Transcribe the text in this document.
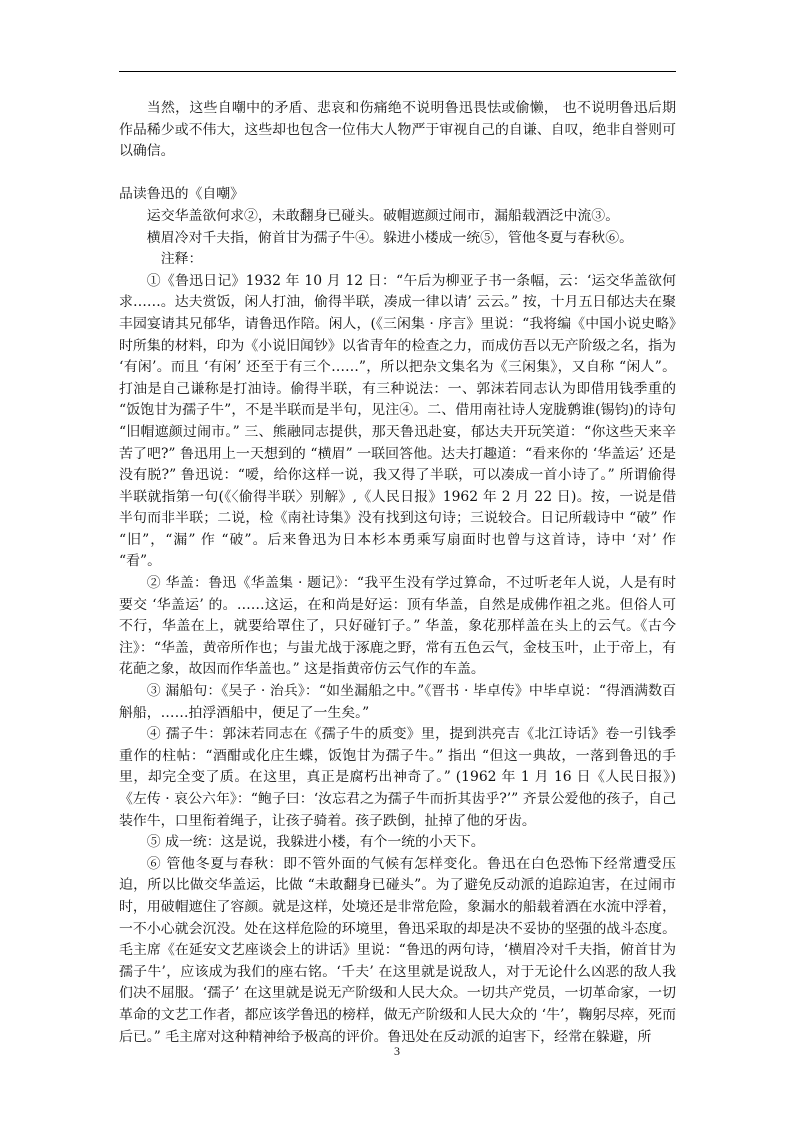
当然，这些自嘲中的矛盾、悲哀和伤痛绝不说明鲁迅畏怯或偷懒， 也不说明鲁迅后期作品稀少或不伟大，这些却也包含一位伟大人物严于审视自己的自谦、自叹，绝非自誉则可以确信。

品读鲁迅的《自嘲》

运交华盖欲何求②，未敢翻身已碰头。破帽遮颜过闹市，漏船载酒泛中流③。

横眉冷对千夫指，俯首甘为孺子牛④。躲进小楼成一统⑤，管他冬夏与春秋⑥。

注释：

①《鲁迅日记》1932 年 10 月 12 日：“午后为柳亚子书一条幅，云：‘运交华盖欲何求……。达夫赏饭，闲人打油，偷得半联，凑成一律以请’ 云云。” 按，十月五日郁达夫在聚丰园宴请其兄郁华，请鲁迅作陪。闲人，(《三闲集 · 序言》里说：“我将编《中国小说史略》时所集的材料，印为《小说旧闻钞》以省青年的检查之力，而成仿吾以无产阶级之名，指为 ‘有闲’。而且 ‘有闲’ 还至于有三个……”，所以把杂文集名为《三闲集》，又自称 “闲人”。打油是自己谦称是打油诗。偷得半联，有三种说法：一、郭沫若同志认为即借用钱季重的 “饭饱甘为孺子牛”，不是半联而是半句，见注④。二、借用南社诗人宠胧鹩谁(锡钧)的诗句 “旧帽遮颜过闹市。” 三、熊融同志提供，那天鲁迅赴宴，郁达夫开玩笑道：“你这些天来辛苦了吧?” 鲁迅用上一天想到的 “横眉” 一联回答他。达夫打趣道：“看来你的 ‘华盖运’ 还是没有脱?” 鲁迅说：“嗳，给你这样一说，我又得了半联，可以凑成一首小诗了。” 所谓偷得半联就指第一句(《〈偷得半联〉别解》,《人民日报》1962 年 2 月 22 日)。按，一说是借半句而非半联；二说，检《南社诗集》没有找到这句诗；三说较合。日记所载诗中 “破” 作 “旧”，“漏” 作 “破”。后来鲁迅为日本杉本勇乘写扇面时也曾与这首诗，诗中 ‘对’ 作 “看”。

② 华盖：鲁迅《华盖集 · 题记》：“我平生没有学过算命，不过听老年人说，人是有时要交 ‘华盖运’ 的。……这运，在和尚是好运：顶有华盖，自然是成佛作祖之兆。但俗人可不行，华盖在上，就要给罩住了，只好碰钉子。” 华盖，象花那样盖在头上的云气。《古今注》：“华盖，黄帝所作也；与蚩尤战于涿鹿之野，常有五色云气，金枝玉叶，止于帝上，有花葩之象，故因而作华盖也。” 这是指黄帝仿云气作的车盖。

③ 漏船句：《吴子 · 治兵》：“如坐漏船之中。”《晋书 · 毕卓传》中毕卓说：“得酒满数百斛船，……拍浮酒船中，便足了一生矣。”

④ 孺子牛：郭沫若同志在《孺子牛的质变》里，提到洪亮吉《北江诗话》卷一引钱季重作的柱帖：“酒酣或化庄生蝶，饭饱甘为孺子牛。” 指出 “但这一典故，一落到鲁迅的手里，却完全变了质。在这里，真正是腐朽出神奇了。” (1962 年 1 月 16 日《人民日报》)《左传 · 哀公六年》：“鲍子曰：‘汝忘君之为孺子牛而折其齿乎?’” 齐景公爱他的孩子，自己装作牛，口里衔着绳子，让孩子骑着。孩子跌倒，扯掉了他的牙齿。

⑤ 成一统：这是说，我躲进小楼，有个一统的小天下。

⑥ 管他冬夏与春秋：即不管外面的气候有怎样变化。鲁迅在白色恐怖下经常遭受压迫，所以比做交华盖运，比做 “未敢翻身已碰头”。为了避免反动派的追踪迫害，在过闹市时，用破帽遮住了容颜。就是这样，处境还是非常危险，象漏水的船载着酒在水流中浮着，一不小心就会沉没。处在这样危险的环境里，鲁迅采取的却是决不妥协的坚强的战斗态度。毛主席《在延安文艺座谈会上的讲话》里说：“鲁迅的两句诗，‘横眉冷对千夫指，俯首甘为孺子牛’，应该成为我们的座右铭。‘千夫’ 在这里就是说敌人，对于无论什么凶恶的敌人我们决不屈服。‘孺子’ 在这里就是说无产阶级和人民大众。一切共产党员，一切革命家，一切革命的文艺工作者，都应该学鲁迅的榜样，做无产阶级和人民大众的 ‘牛’，鞠躬尽瘁，死而后已。” 毛主席对这种精神给予极高的评价。鲁迅处在反动派的迫害下，经常在躲避，所

3
